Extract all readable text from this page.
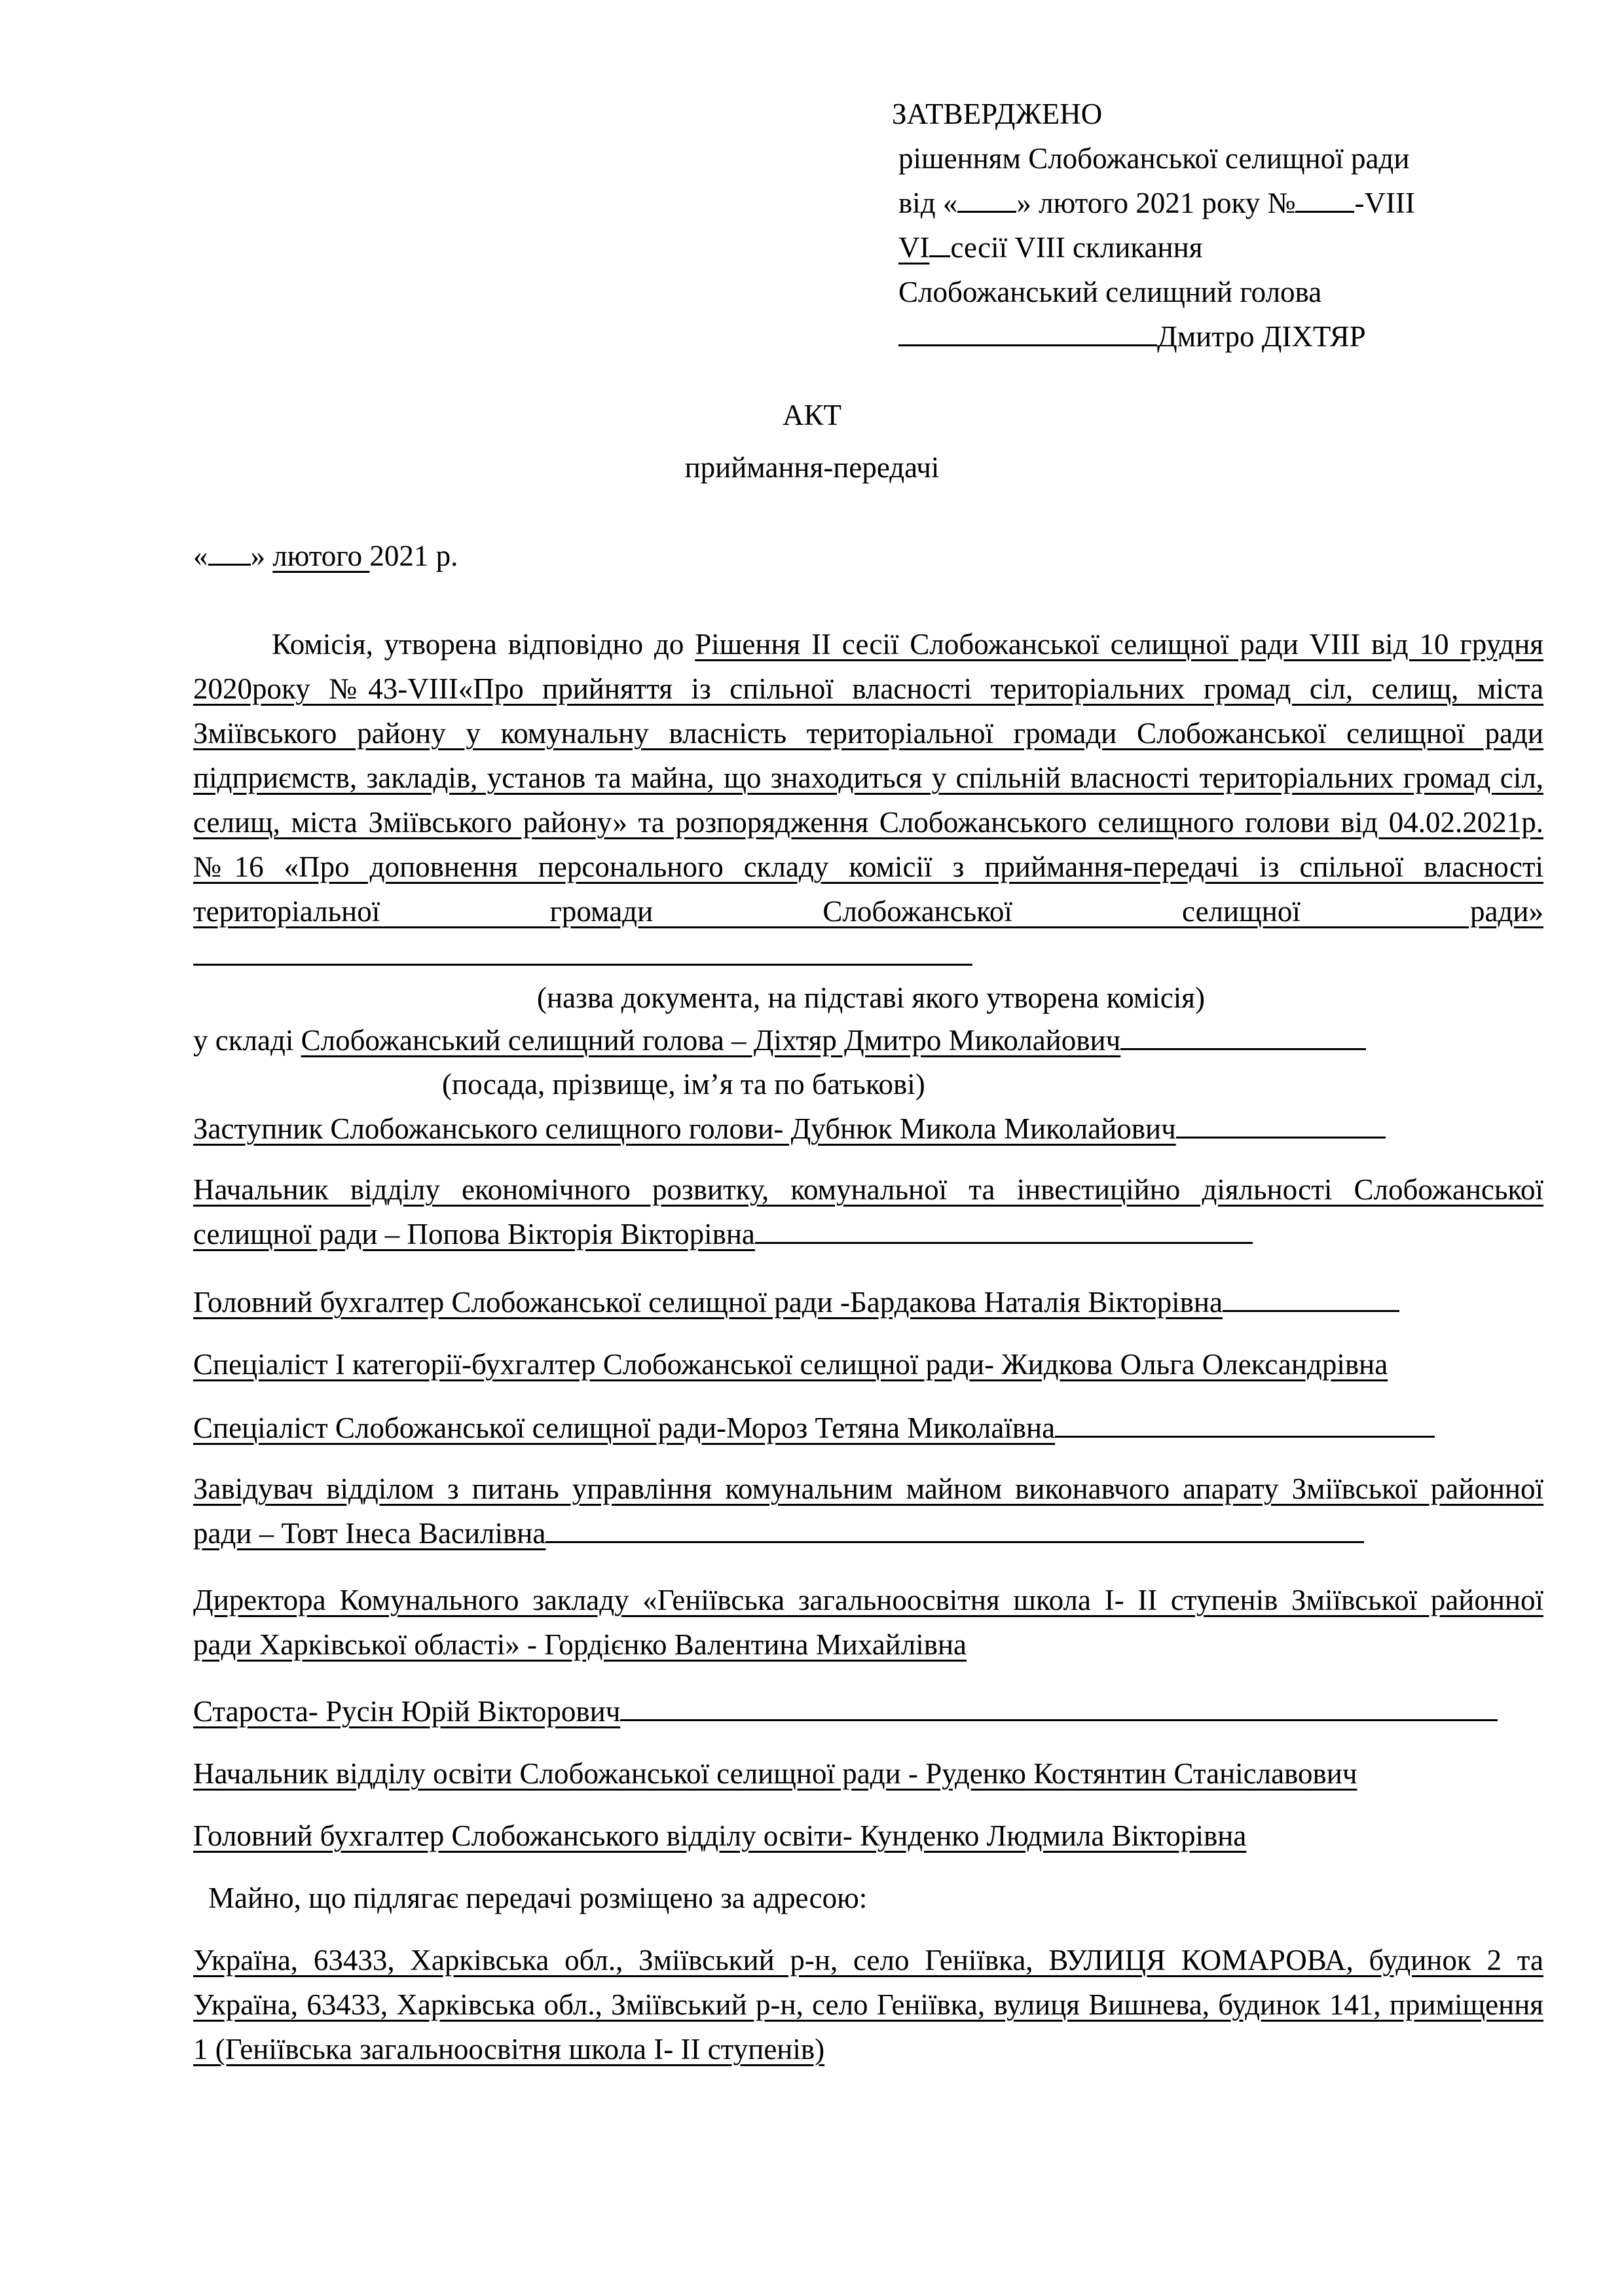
ЗАТВЕРДЖЕНО
рішенням Слобожанської селищної ради
від « » лютого 2021 року № -VIII
VI сесії VIII скликання
Слобожанський селищний голова
Дмитро ДІХТЯР
АКТ
приймання-передачі
« » лютого 2021 р.
Комісія, утворена відповідно до Рішення ІІ сесії Слобожанської селищної ради VIII від 10 грудня 2020року №43-VIII«Про прийняття із спільної власності територіальних громад сіл, селищ, міста Зміївського району у комунальну власність територіальної громади Слобожанської селищної ради підприємств, закладів, установ та майна, що знаходиться у спільній власності територіальних громад сіл, селищ, міста Зміївського району» та розпорядження Слобожанського селищного голови від 04.02.2021р. №16 «Про доповнення персонального складу комісії з приймання-передачі із спільної власності територіальної громади Слобожанської селищної ради»
(назва документа, на підставі якого утворена комісія)
у складі Слобожанський селищний голова – Діхтяр Дмитро Миколайович
(посада, прізвище, ім’я та по батькові)
Заступник Слобожанського селищного голови- Дубнюк Микола Миколайович
Начальник відділу економічного розвитку, комунальної та інвестиційно діяльності Слобожанської селищної ради – Попова Вікторія Вікторівна
Головний бухгалтер Слобожанської селищної ради -Бардакова Наталія Вікторівна
Спеціаліст I категорії-бухгалтер Слобожанської селищної ради- Жидкова Ольга Олександрівна
Спеціаліст Слобожанської селищної ради-Мороз Тетяна Миколаївна
Завідувач відділом з питань управління комунальним майном виконавчого апарату Зміївської районної ради – Товт Інеса Василівна
Директора Комунального закладу «Геніївська загальноосвітня школа І- ІІ ступенів Зміївської районної ради Харківської області» - Гордієнко Валентина Михайлівна
Староста- Русін Юрій Вікторович
Начальник відділу освіти Слобожанської селищної ради - Руденко Костянтин Станіславович
Головний бухгалтер Слобожанського відділу освіти- Кунденко Людмила Вікторівна
Майно, що підлягає передачі розміщено за адресою:
Україна, 63433, Харківська обл., Зміївський р-н, село Геніївка, ВУЛИЦЯ КОМАРОВА, будинок 2 та Україна, 63433, Харківська обл., Зміївський р-н, село Геніївка, вулиця Вишнева, будинок 141, приміщення 1 (Геніївська загальноосвітня школа І- ІІ ступенів)
